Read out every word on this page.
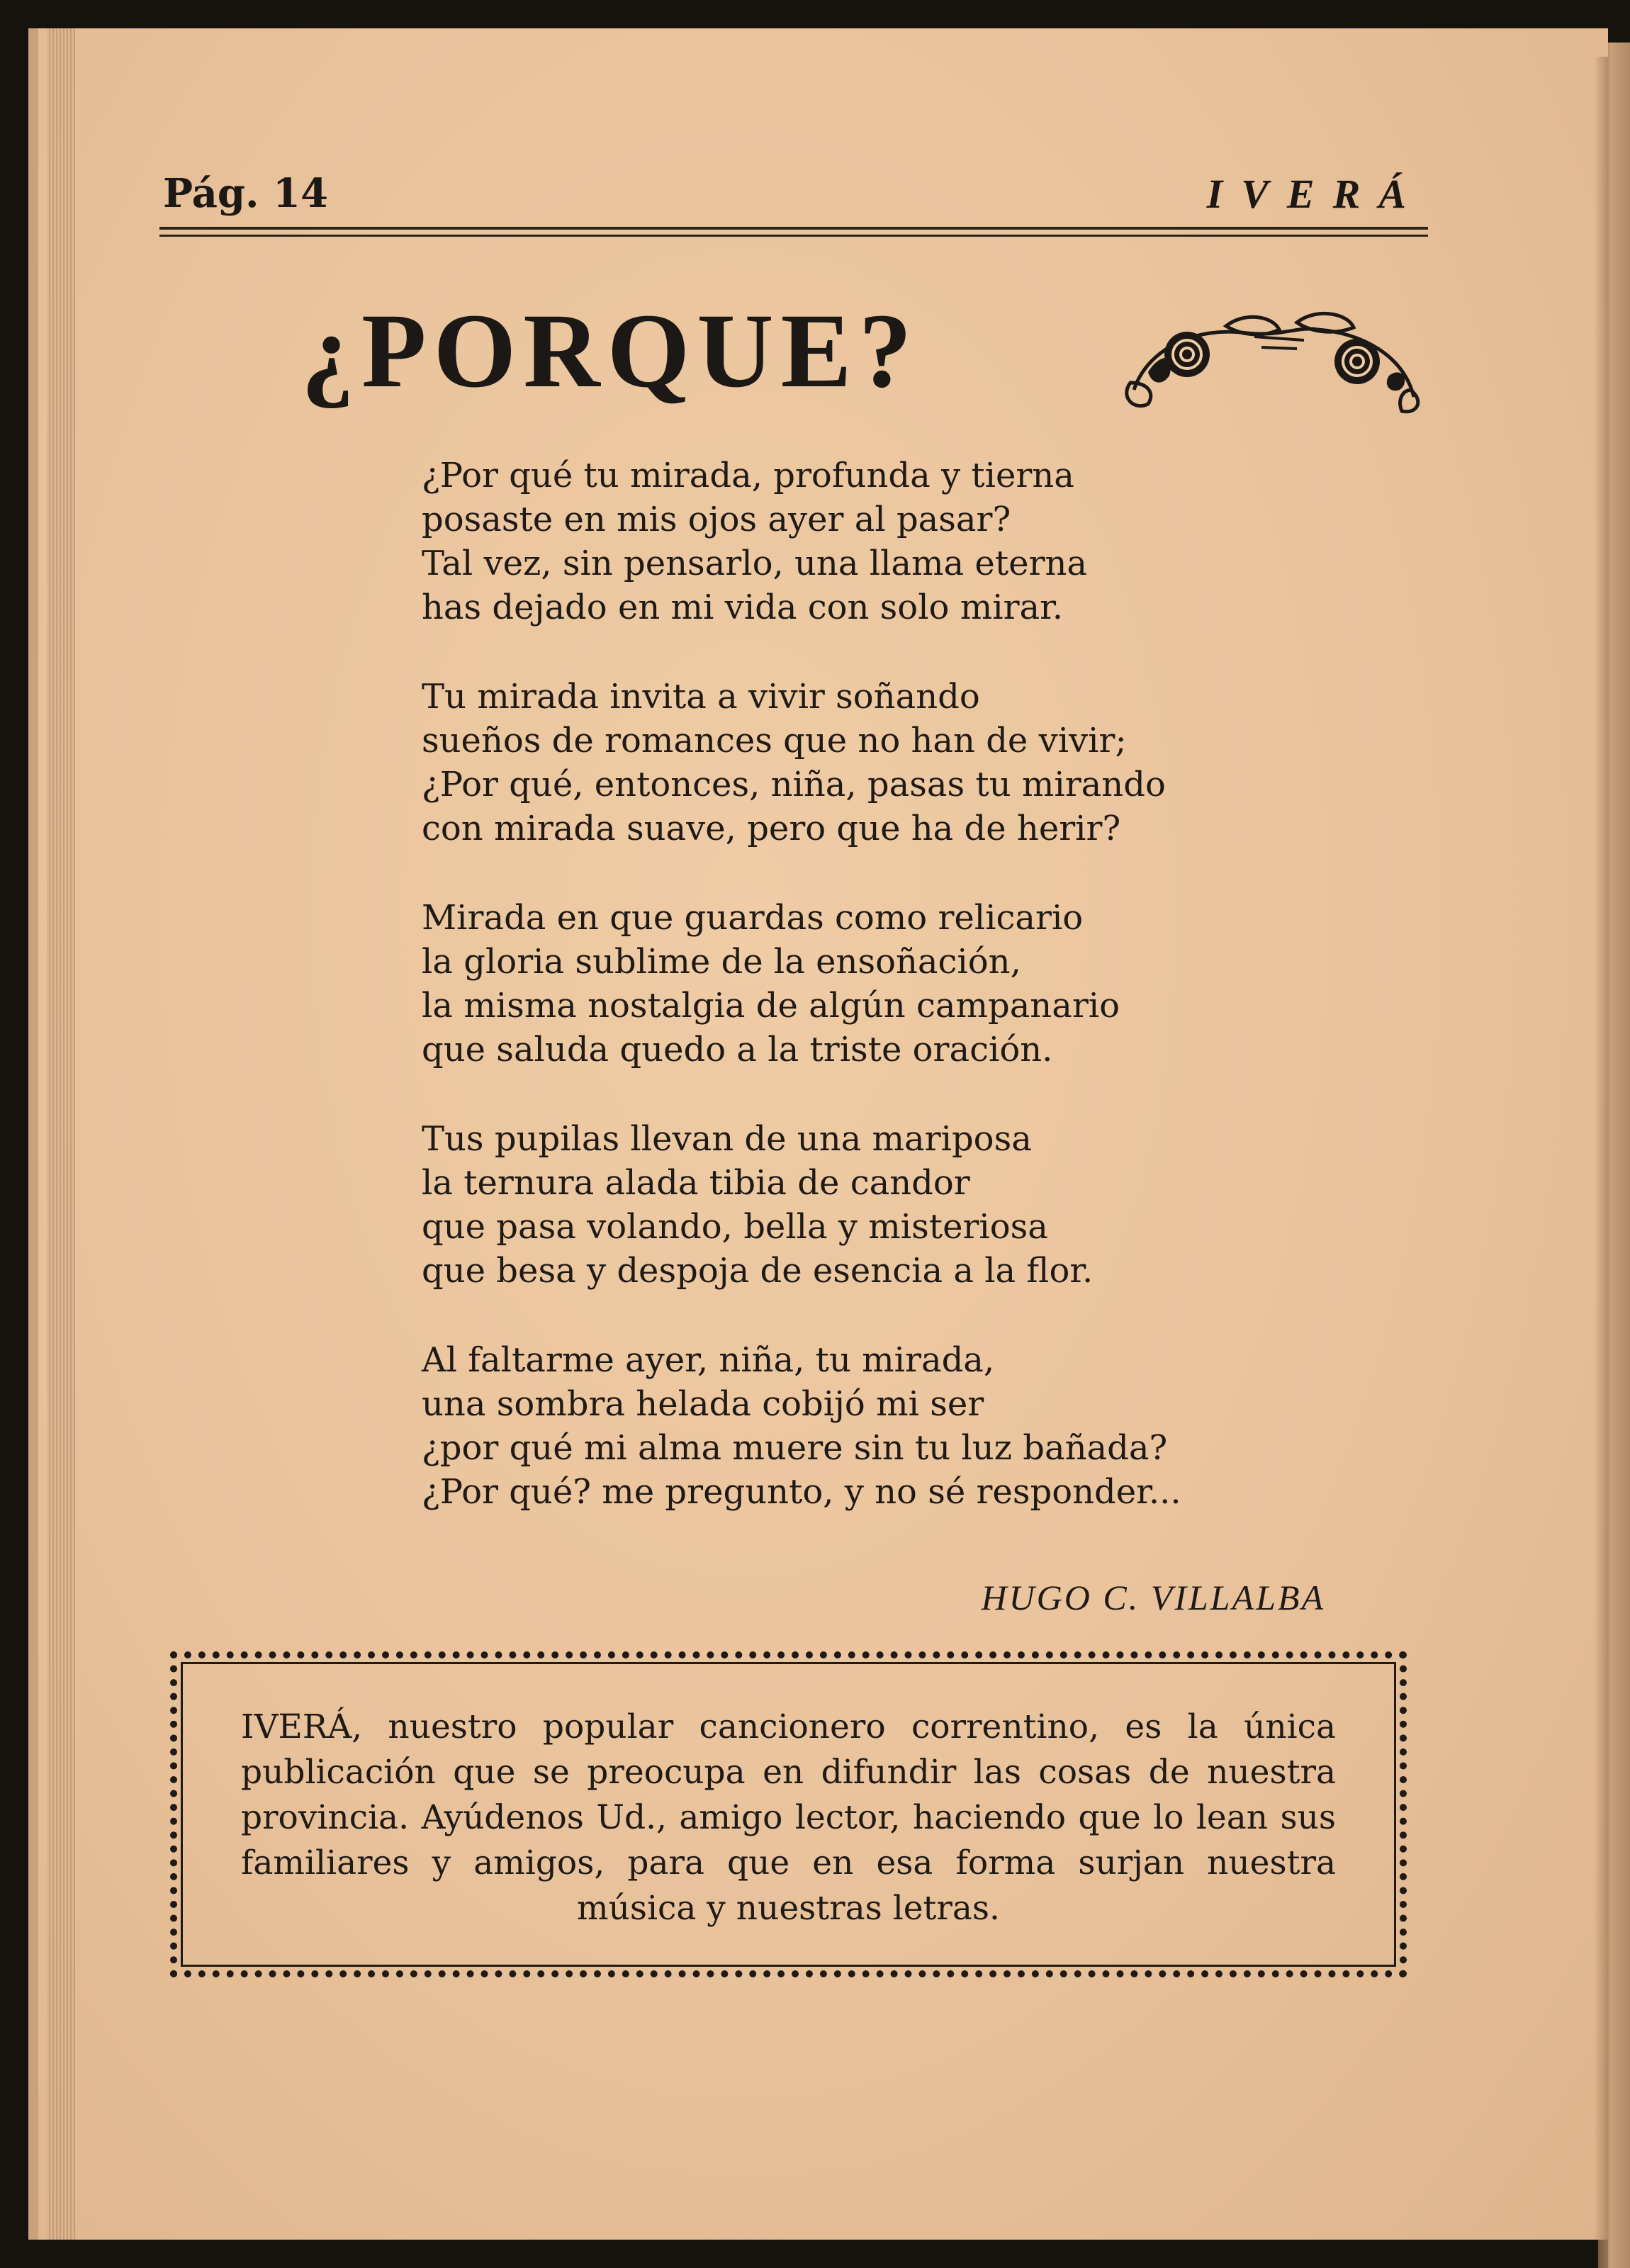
Pág. 14	IVERÁ
¿PORQUE?
¿Por qué tu mirada, profunda y tierna
posaste en mis ojos ayer al pasar?
Tal vez, sin pensarlo, una llama eterna
has dejado en mi vida con solo mirar.
Tu mirada invita a vivir soñando
sueños de romances que no han de vivir;
¿Por qué, entonces, niña, pasas tu mirando
con mirada suave, pero que ha de herir?
Mirada en que guardas como relicario
la gloria sublime de la ensoñación,
la misma nostalgia de algún campanario
que saluda quedo a la triste oración.
Tus pupilas llevan de una mariposa
la ternura alada tibia de candor
que pasa volando, bella y misteriosa
que besa y despoja de esencia a la flor.
Al faltarme ayer, niña, tu mirada,
una sombra helada cobijó mi ser
¿por qué mi alma muere sin tu luz bañada?
¿Por qué? me pregunto, y no sé responder...
HUGO C. VILLALBA
IVERÁ, nuestro popular cancionero correntino, es la única publicación que se preocupa en difundir las cosas de nuestra provincia. Ayúdenos Ud., amigo lector, haciendo que lo lean sus familiares y amigos, para que en esa forma surjan nuestra música y nuestras letras.
